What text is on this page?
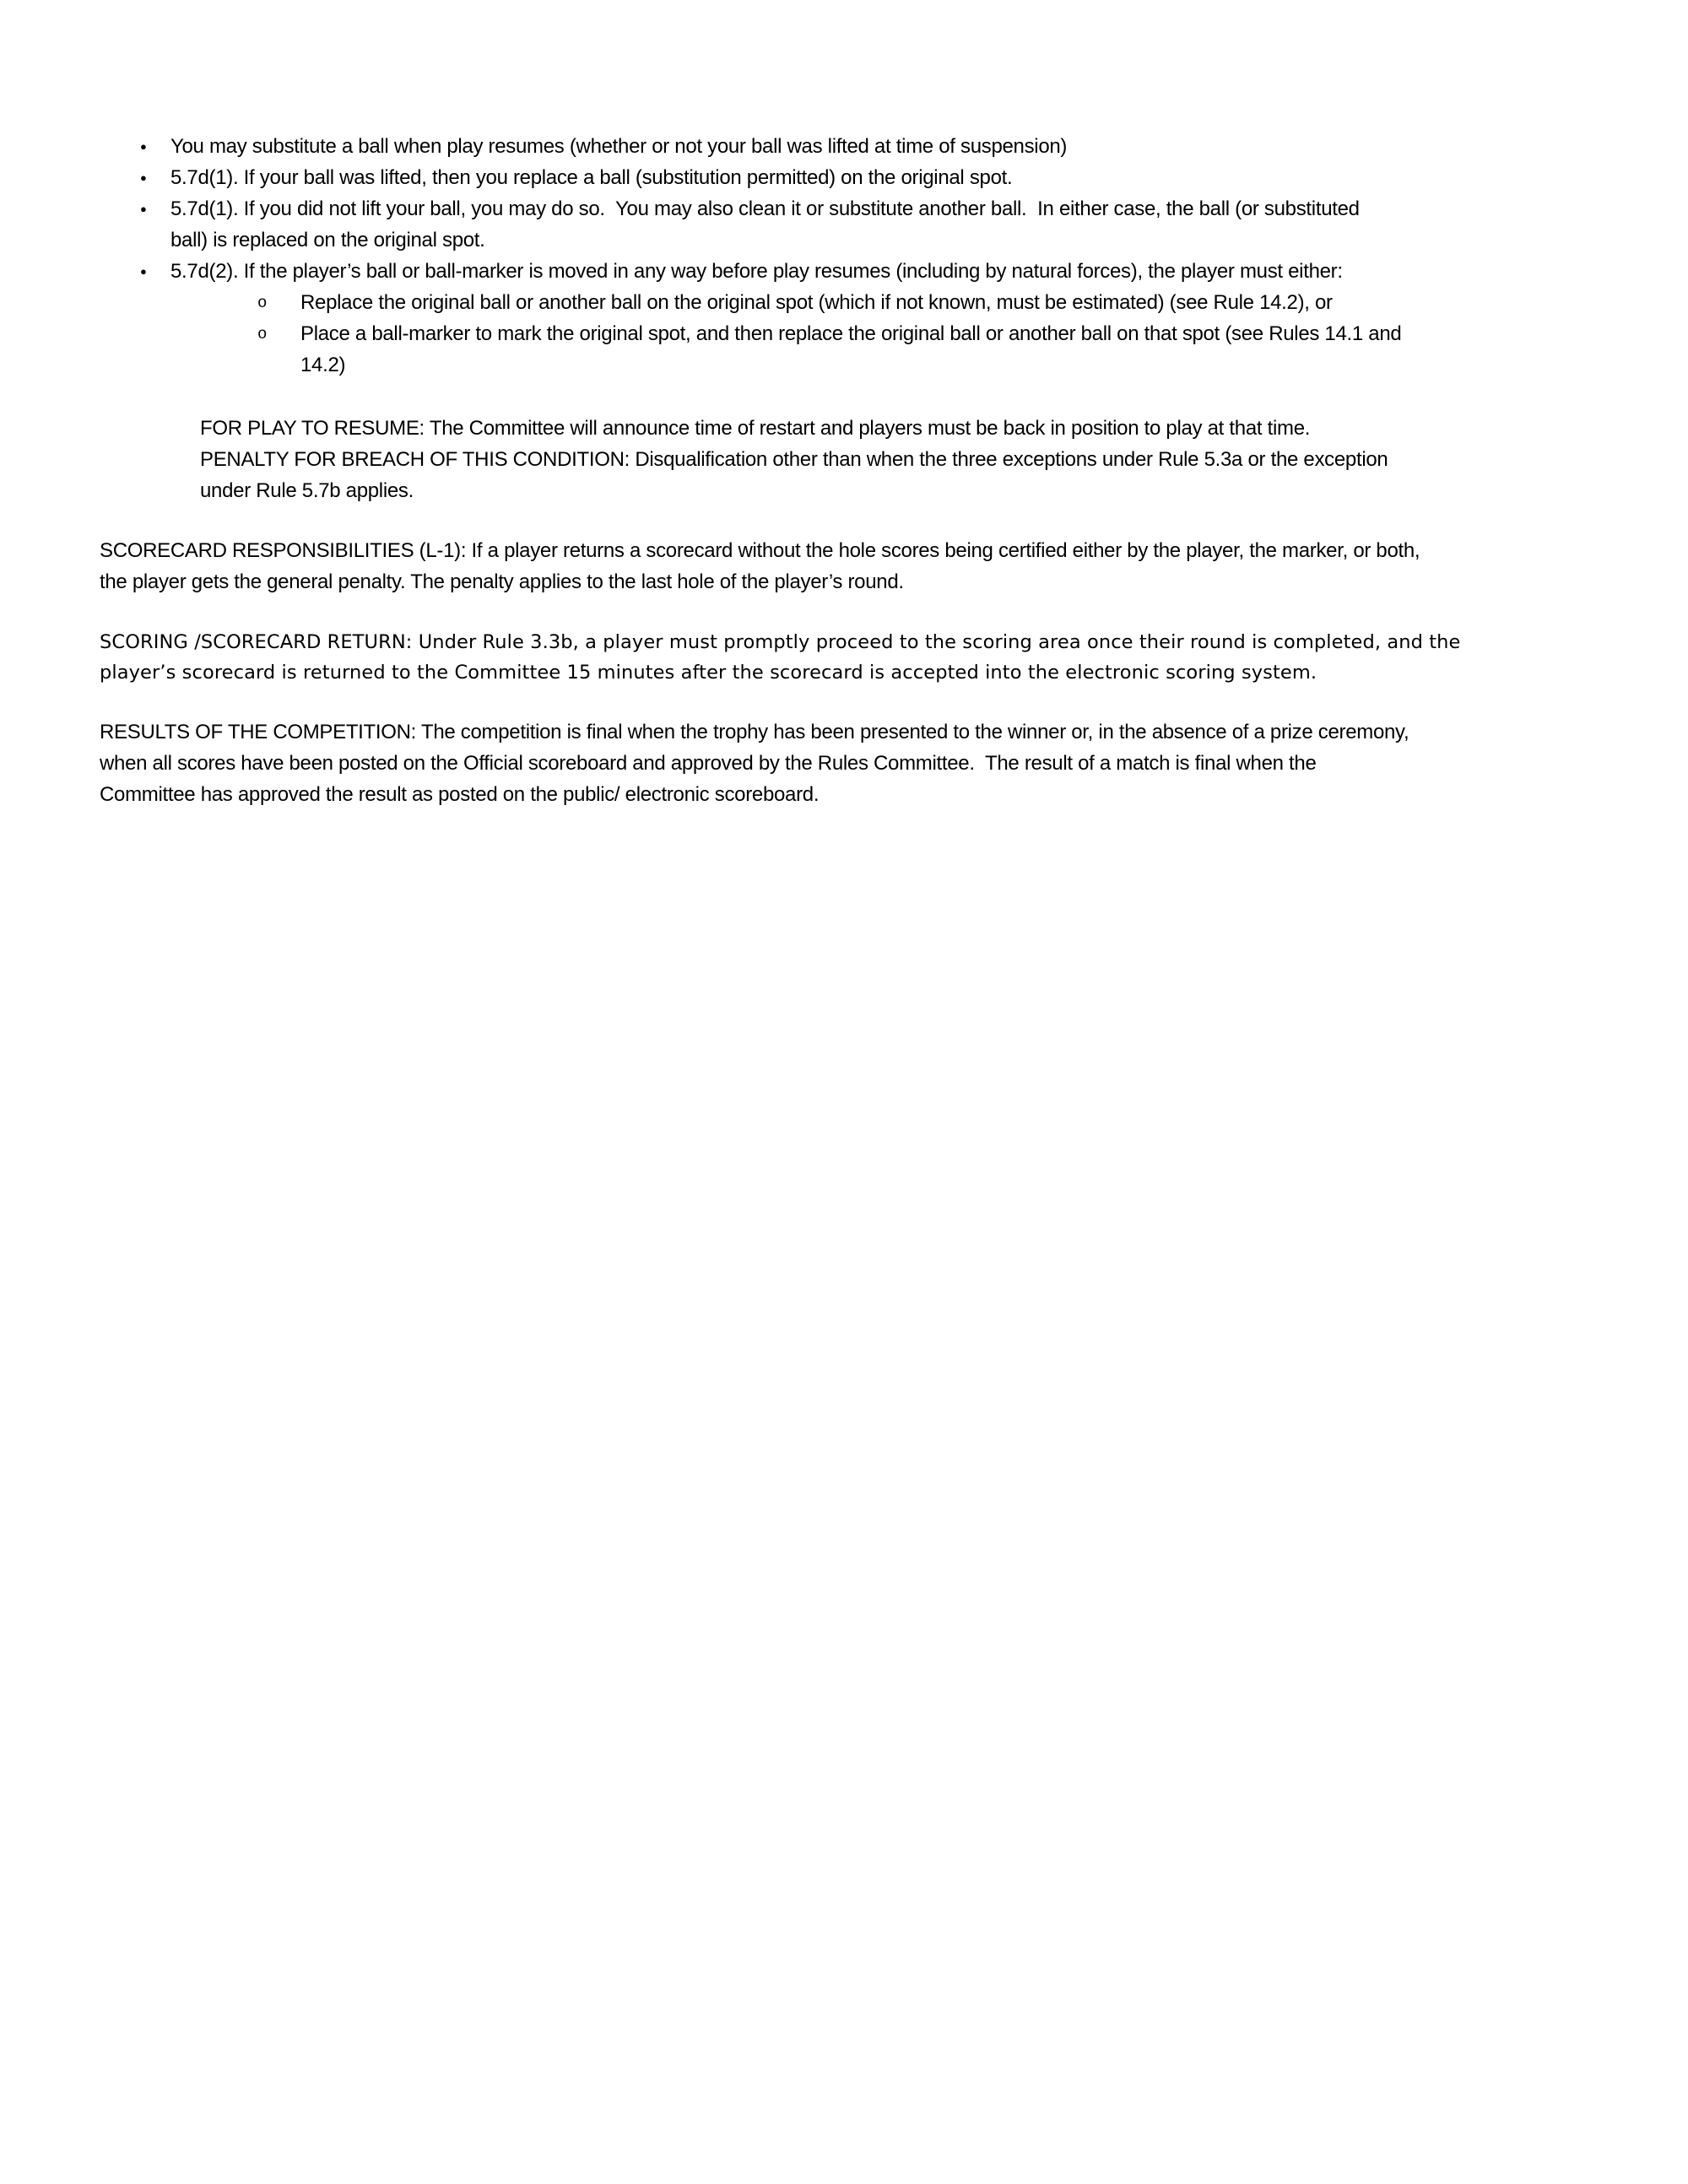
● You may substitute a ball when play resumes (whether or not your ball was lifted at time of suspension)
● 5.7d(1). If your ball was lifted, then you replace a ball (substitution permitted) on the original spot.
● 5.7d(1). If you did not lift your ball, you may do so.  You may also clean it or substitute another ball.  In either case, the ball (or substituted
ball) is replaced on the original spot.
● 5.7d(2). If the player’s ball or ball-marker is moved in any way before play resumes (including by natural forces), the player must either:
o Replace the original ball or another ball on the original spot (which if not known, must be estimated) (see Rule 14.2), or
o Place a ball-marker to mark the original spot, and then replace the original ball or another ball on that spot (see Rules 14.1 and
14.2)
FOR PLAY TO RESUME: The Committee will announce time of restart and players must be back in position to play at that time.
PENALTY FOR BREACH OF THIS CONDITION: Disqualification other than when the three exceptions under Rule 5.3a or the exception
under Rule 5.7b applies.
SCORECARD RESPONSIBILITIES (L-1): If a player returns a scorecard without the hole scores being certified either by the player, the marker, or both,
the player gets the general penalty. The penalty applies to the last hole of the player’s round.
SCORING /SCORECARD RETURN: Under Rule 3.3b, a player must promptly proceed to the scoring area once their round is completed, and the
player’s scorecard is returned to the Committee 15 minutes after the scorecard is accepted into the electronic scoring system.
RESULTS OF THE COMPETITION: The competition is final when the trophy has been presented to the winner or, in the absence of a prize ceremony,
when all scores have been posted on the Official scoreboard and approved by the Rules Committee.  The result of a match is final when the
Committee has approved the result as posted on the public/ electronic scoreboard.
